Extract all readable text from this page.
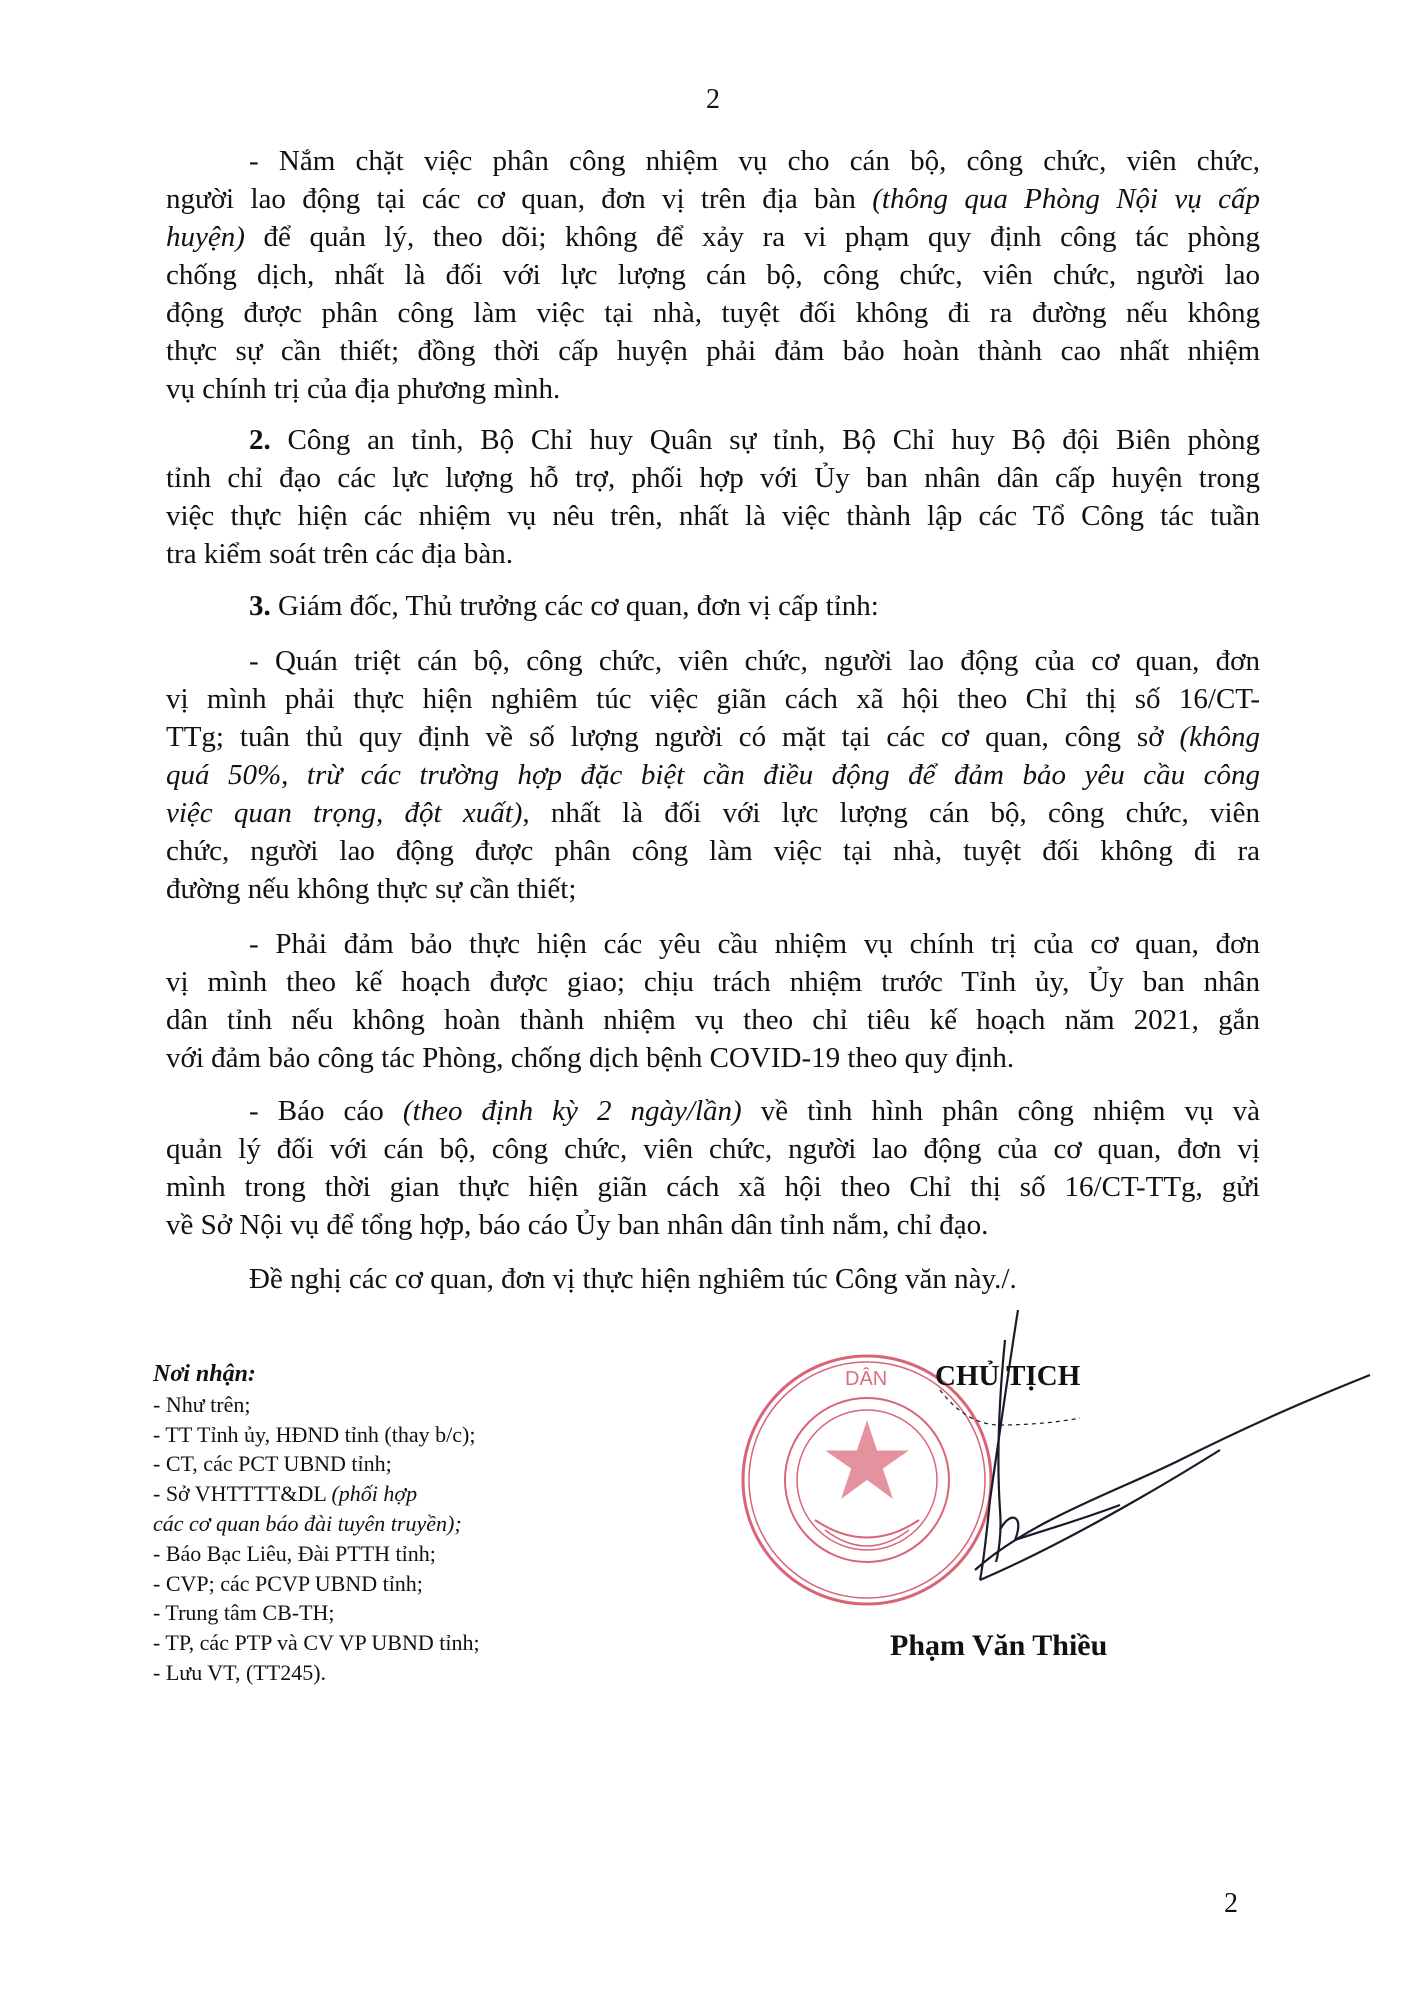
2
- Nắm chặt việc phân công nhiệm vụ cho cán bộ, công chức, viên chức,
người lao động tại các cơ quan, đơn vị trên địa bàn (thông qua Phòng Nội vụ cấp
huyện) để quản lý, theo dõi; không để xảy ra vi phạm quy định công tác phòng
chống dịch, nhất là đối với lực lượng cán bộ, công chức, viên chức, người lao
động được phân công làm việc tại nhà, tuyệt đối không đi ra đường nếu không
thực sự cần thiết; đồng thời cấp huyện phải đảm bảo hoàn thành cao nhất nhiệm
vụ chính trị của địa phương mình.
2. Công an tỉnh, Bộ Chỉ huy Quân sự tỉnh, Bộ Chỉ huy Bộ đội Biên phòng
tỉnh chỉ đạo các lực lượng hỗ trợ, phối hợp với Ủy ban nhân dân cấp huyện trong
việc thực hiện các nhiệm vụ nêu trên, nhất là việc thành lập các Tổ Công tác tuần
tra kiểm soát trên các địa bàn.
3. Giám đốc, Thủ trưởng các cơ quan, đơn vị cấp tỉnh:
- Quán triệt cán bộ, công chức, viên chức, người lao động của cơ quan, đơn
vị mình phải thực hiện nghiêm túc việc giãn cách xã hội theo Chỉ thị số 16/CT-
TTg; tuân thủ quy định về số lượng người có mặt tại các cơ quan, công sở (không
quá 50%, trừ các trường hợp đặc biệt cần điều động để đảm bảo yêu cầu công
việc quan trọng, đột xuất), nhất là đối với lực lượng cán bộ, công chức, viên
chức, người lao động được phân công làm việc tại nhà, tuyệt đối không đi ra
đường nếu không thực sự cần thiết;
- Phải đảm bảo thực hiện các yêu cầu nhiệm vụ chính trị của cơ quan, đơn
vị mình theo kế hoạch được giao; chịu trách nhiệm trước Tỉnh ủy, Ủy ban nhân
dân tỉnh nếu không hoàn thành nhiệm vụ theo chỉ tiêu kế hoạch năm 2021, gắn
với đảm bảo công tác Phòng, chống dịch bệnh COVID-19 theo quy định.
- Báo cáo (theo định kỳ 2 ngày/lần) về tình hình phân công nhiệm vụ và
quản lý đối với cán bộ, công chức, viên chức, người lao động của cơ quan, đơn vị
mình trong thời gian thực hiện giãn cách xã hội theo Chỉ thị số 16/CT-TTg, gửi
về Sở Nội vụ để tổng hợp, báo cáo Ủy ban nhân dân tỉnh nắm, chỉ đạo.
Đề nghị các cơ quan, đơn vị thực hiện nghiêm túc Công văn này./.
Nơi nhận:
- Như trên;
- TT Tỉnh ủy, HĐND tỉnh (thay b/c);
- CT, các PCT UBND tỉnh;
- Sở VHTTTT&DL (phối hợp
các cơ quan báo đài tuyên truyền);
- Báo Bạc Liêu, Đài PTTH tỉnh;
- CVP; các PCVP UBND tỉnh;
- Trung tâm CB-TH;
- TP, các PTP và CV VP UBND tỉnh;
- Lưu VT, (TT245).
DÂN CHỦ TỊCH
Phạm Văn Thiều
2
